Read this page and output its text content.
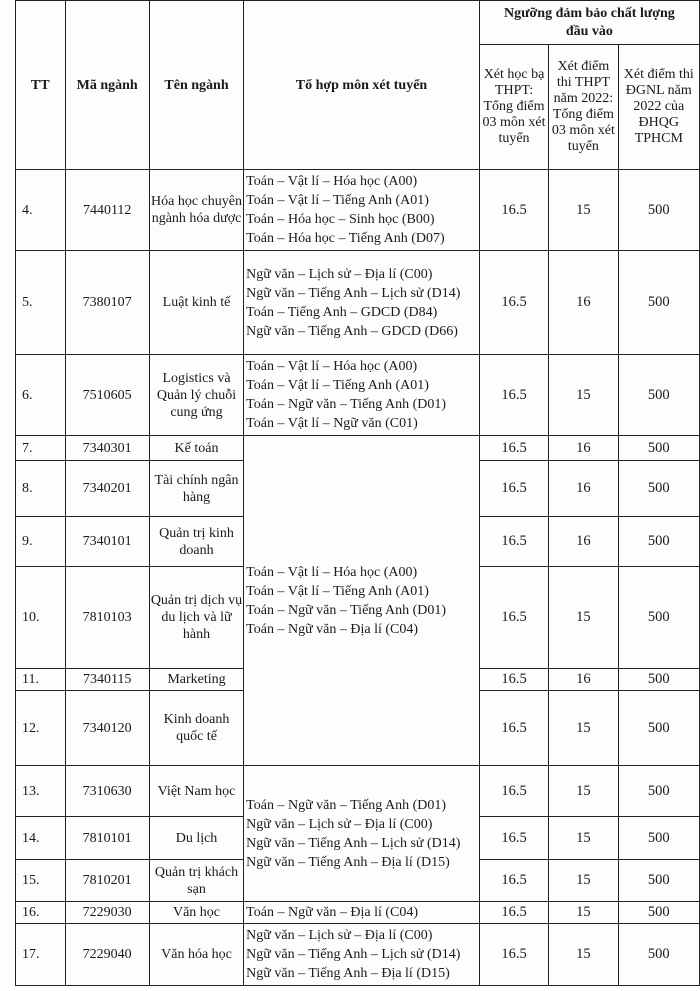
TT	Mã ngành	Tên ngành	Tổ hợp môn xét tuyển	Ngưỡng đảm bảo chất lượng đầu vào		
				Xét học bạ THPT: Tổng điểm 03 môn xét tuyển	Xét điểm thi THPT năm 2022: Tổng điểm 03 môn xét tuyển	Xét điểm thi ĐGNL năm 2022 của ĐHQG TPHCM
4.	7440112	Hóa học chuyên ngành hóa dược	Toán – Vật lí – Hóa học (A00)
Toán – Vật lí – Tiếng Anh (A01)
Toán – Hóa học – Sinh học (B00)
Toán – Hóa học – Tiếng Anh (D07)	16.5	15	500
5.	7380107	Luật kinh tế	Ngữ văn – Lịch sử – Địa lí (C00)
Ngữ văn – Tiếng Anh – Lịch sử (D14)
Toán – Tiếng Anh – GDCD (D84)
Ngữ văn – Tiếng Anh – GDCD (D66)	16.5	16	500
6.	7510605	Logistics và Quản lý chuỗi cung ứng	Toán – Vật lí – Hóa học (A00)
Toán – Vật lí – Tiếng Anh (A01)
Toán – Ngữ văn – Tiếng Anh (D01)
Toán – Vật lí – Ngữ văn (C01)	16.5	15	500
7.	7340301	Kế toán	Toán – Vật lí – Hóa học (A00)
Toán – Vật lí – Tiếng Anh (A01)
Toán – Ngữ văn – Tiếng Anh (D01)
Toán – Ngữ văn – Địa lí (C04)	16.5	16	500
8.	7340201	Tài chính ngân hàng		16.5	16	500
9.	7340101	Quản trị kinh doanh		16.5	16	500
10.	7810103	Quản trị dịch vụ du lịch và lữ hành		16.5	15	500
11.	7340115	Marketing		16.5	16	500
12.	7340120	Kinh doanh quốc tế		16.5	15	500
13.	7310630	Việt Nam học	Toán – Ngữ văn – Tiếng Anh (D01)
Ngữ văn – Lịch sử – Địa lí (C00)
Ngữ văn – Tiếng Anh – Lịch sử (D14)
Ngữ văn – Tiếng Anh – Địa lí (D15)	16.5	15	500
14.	7810101	Du lịch		16.5	15	500
15.	7810201	Quản trị khách sạn		16.5	15	500
16.	7229030	Văn học	Toán – Ngữ văn – Địa lí (C04)	16.5	15	500
17.	7229040	Văn hóa học	Ngữ văn – Lịch sử – Địa lí (C00)
Ngữ văn – Tiếng Anh – Lịch sử (D14)
Ngữ văn – Tiếng Anh – Địa lí (D15)	16.5	15	500
